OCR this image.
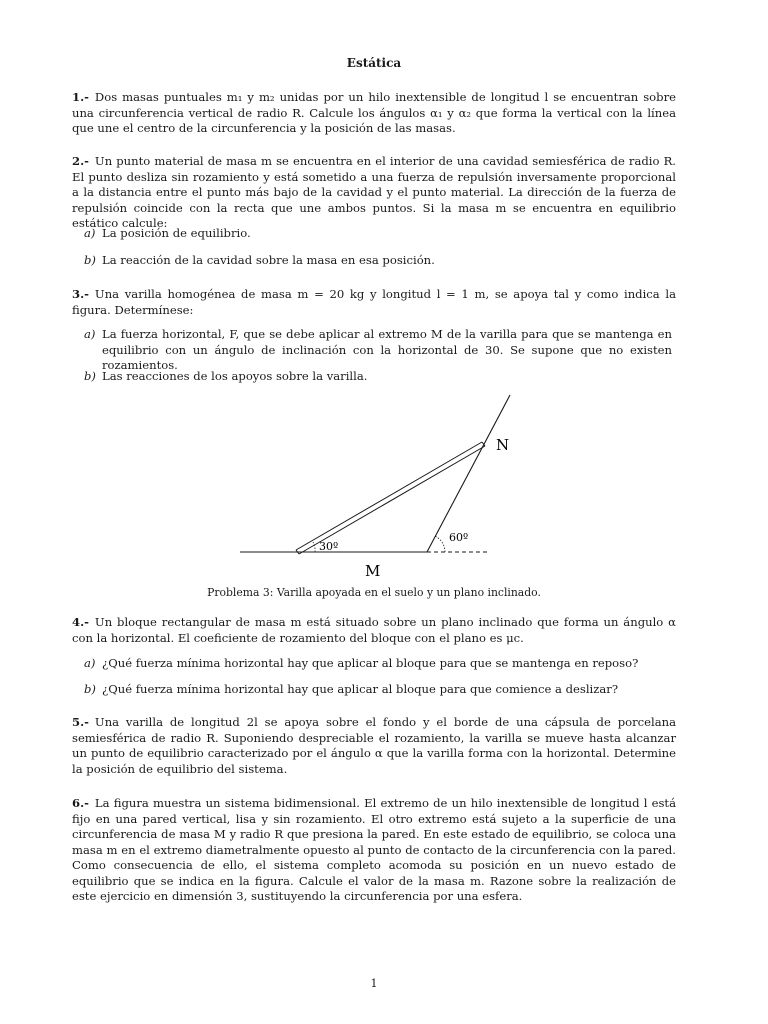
Estática
1.- Dos masas puntuales m₁ y m₂ unidas por un hilo inextensible de longitud l se encuentran sobre una circunferencia vertical de radio R. Calcule los ángulos α₁ y α₂ que forma la vertical con la línea que une el centro de la circunferencia y la posición de las masas.
2.- Un punto material de masa m se encuentra en el interior de una cavidad semiesférica de radio R. El punto desliza sin rozamiento y está sometido a una fuerza de repulsión inversamente proporcional a la distancia entre el punto más bajo de la cavidad y el punto material. La dirección de la fuerza de repulsión coincide con la recta que une ambos puntos. Si la masa m se encuentra en equilibrio estático calcule:
a) La posición de equilibrio.
b) La reacción de la cavidad sobre la masa en esa posición.
3.- Una varilla homogénea de masa m = 20 kg y longitud l = 1 m, se apoya tal y como indica la figura. Determínese:
a) La fuerza horizontal, F, que se debe aplicar al extremo M de la varilla para que se mantenga en equilibrio con un ángulo de inclinación con la horizontal de 30. Se supone que no existen rozamientos.
b) Las reacciones de los apoyos sobre la varilla.
30º
60º
M
N
Problema 3: Varilla apoyada en el suelo y un plano inclinado.
4.- Un bloque rectangular de masa m está situado sobre un plano inclinado que forma un ángulo α con la horizontal. El coeficiente de rozamiento del bloque con el plano es μc.
a) ¿Qué fuerza mínima horizontal hay que aplicar al bloque para que se mantenga en reposo?
b) ¿Qué fuerza mínima horizontal hay que aplicar al bloque para que comience a deslizar?
5.- Una varilla de longitud 2l se apoya sobre el fondo y el borde de una cápsula de porcelana semiesférica de radio R. Suponiendo despreciable el rozamiento, la varilla se mueve hasta alcanzar un punto de equilibrio caracterizado por el ángulo α que la varilla forma con la horizontal. Determine la posición de equilibrio del sistema.
6.- La figura muestra un sistema bidimensional. El extremo de un hilo inextensible de longitud l está fijo en una pared vertical, lisa y sin rozamiento. El otro extremo está sujeto a la superficie de una circunferencia de masa M y radio R que presiona la pared. En este estado de equilibrio, se coloca una masa m en el extremo diametralmente opuesto al punto de contacto de la circunferencia con la pared. Como consecuencia de ello, el sistema completo acomoda su posición en un nuevo estado de equilibrio que se indica en la figura. Calcule el valor de la masa m. Razone sobre la realización de este ejercicio en dimensión 3, sustituyendo la circunferencia por una esfera.
1
